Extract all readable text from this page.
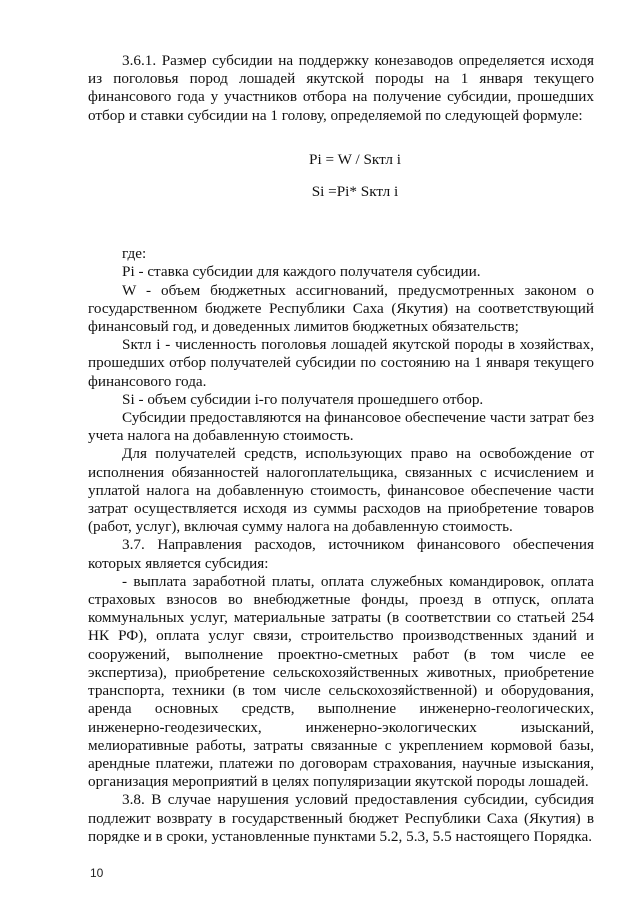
3.6.1. Размер субсидии на поддержку конезаводов определяется исходя из поголовья пород лошадей якутской породы на 1 января текущего финансового года у участников отбора на получение субсидии, прошедших отбор и ставки субсидии на 1 голову, определяемой по следующей формуле:

Pi = W / Sктл i

Si =Pi* Sктл i

где:

Pi - ставка субсидии для каждого получателя субсидии.

W - объем бюджетных ассигнований, предусмотренных законом о государственном бюджете Республики Саха (Якутия) на соответствующий финансовый год, и доведенных лимитов бюджетных обязательств;

Sктл i - численность поголовья лошадей якутской породы в хозяйствах, прошедших отбор получателей субсидии по состоянию на 1 января текущего финансового года.

Si - объем субсидии i-го получателя прошедшего отбор.

Субсидии предоставляются на финансовое обеспечение части затрат без учета налога на добавленную стоимость.

Для получателей средств, использующих право на освобождение от исполнения обязанностей налогоплательщика, связанных с исчислением и уплатой налога на добавленную стоимость, финансовое обеспечение части затрат осуществляется исходя из суммы расходов на приобретение товаров (работ, услуг), включая сумму налога на добавленную стоимость.

3.7. Направления расходов, источником финансового обеспечения которых является субсидия:

- выплата заработной платы, оплата служебных командировок, оплата страховых взносов во внебюджетные фонды, проезд в отпуск, оплата коммунальных услуг, материальные затраты (в соответствии со статьей 254 НК РФ), оплата услуг связи, строительство производственных зданий и сооружений, выполнение проектно-сметных работ (в том числе ее экспертиза), приобретение сельскохозяйственных животных, приобретение транспорта, техники (в том числе сельскохозяйственной) и оборудования, аренда основных средств, выполнение инженерно-геологических, инженерно-геодезических, инженерно-экологических изысканий, мелиоративные работы, затраты связанные с укреплением кормовой базы, арендные платежи, платежи по договорам страхования, научные изыскания, организация мероприятий в целях популяризации якутской породы лошадей.

3.8. В случае нарушения условий предоставления субсидии, субсидия подлежит возврату в государственный бюджет Республики Саха (Якутия) в порядке и в сроки, установленные пунктами 5.2, 5.3, 5.5 настоящего Порядка.

10
